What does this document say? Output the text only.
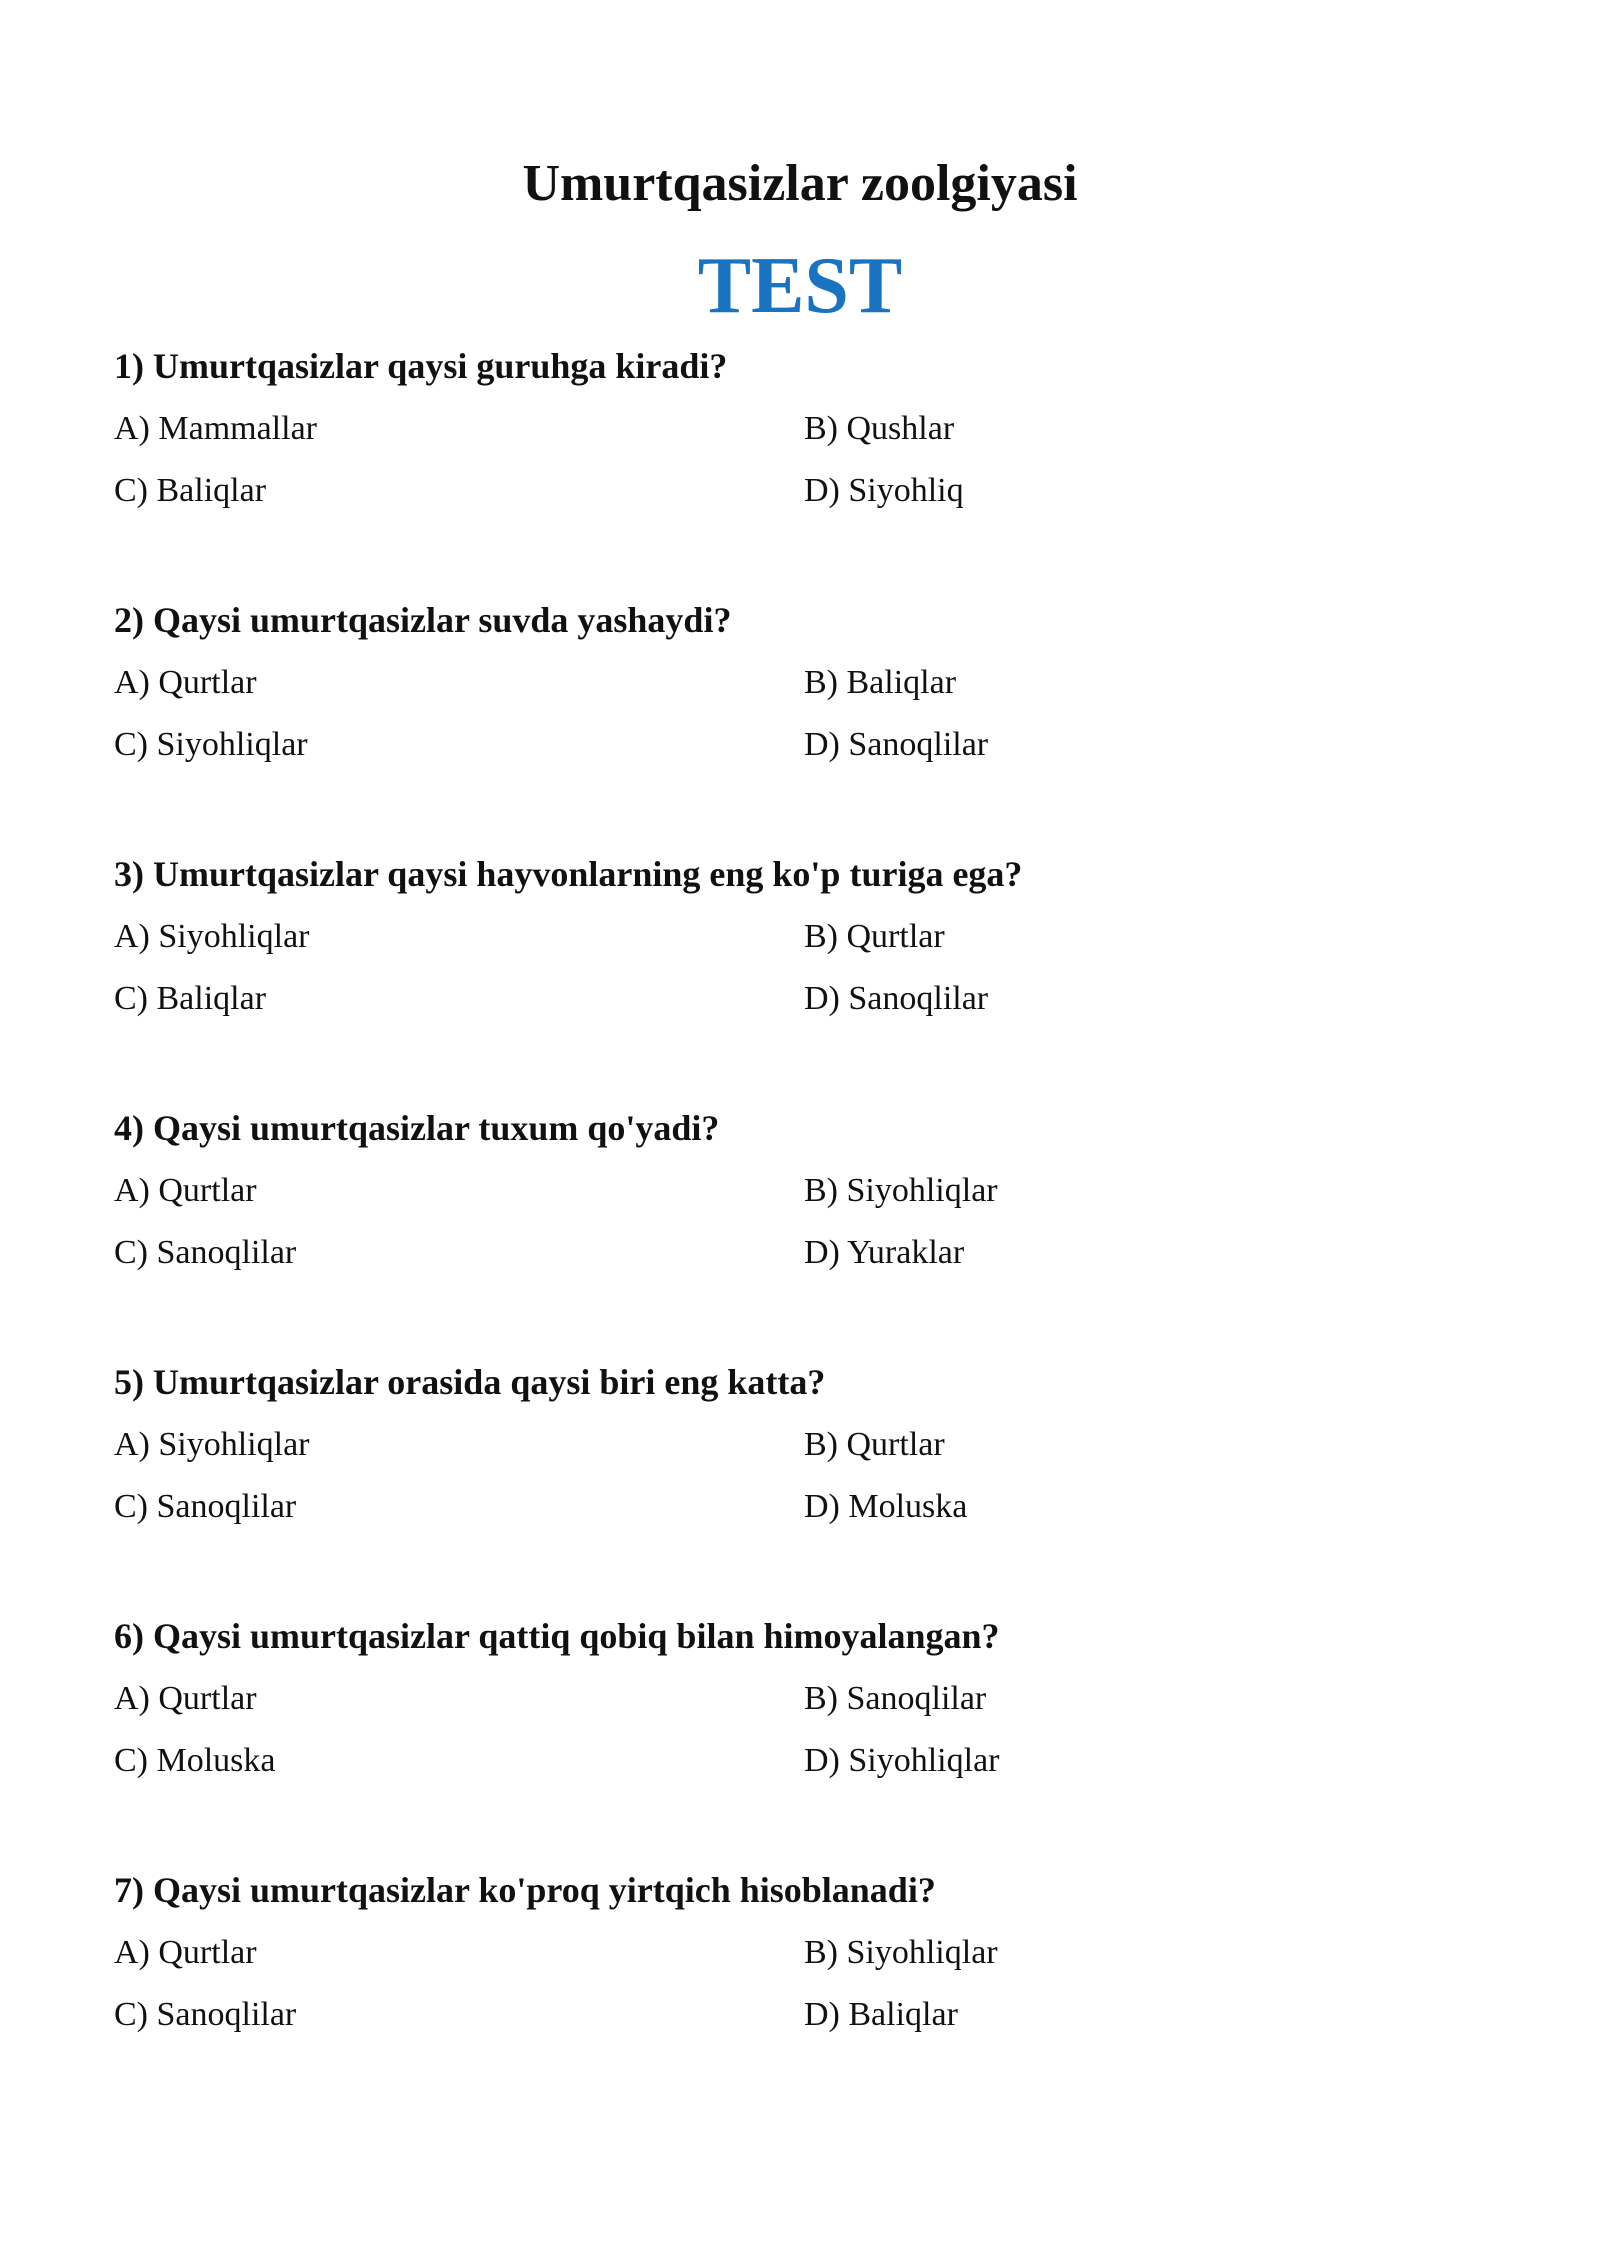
Umurtqasizlar zoolgiyasi
TEST
1) Umurtqasizlar qaysi guruhga kiradi?
A) Mammallar	B) Qushlar
C) Baliqlar	D) Siyohliq
2) Qaysi umurtqasizlar suvda yashaydi?
A) Qurtlar	B) Baliqlar
C) Siyohliqlar	D) Sanoqlilar
3) Umurtqasizlar qaysi hayvonlarning eng ko'p turiga ega?
A) Siyohliqlar	B) Qurtlar
C) Baliqlar	D) Sanoqlilar
4) Qaysi umurtqasizlar tuxum qo'yadi?
A) Qurtlar	B) Siyohliqlar
C) Sanoqlilar	D) Yuraklar
5) Umurtqasizlar orasida qaysi biri eng katta?
A) Siyohliqlar	B) Qurtlar
C) Sanoqlilar	D) Moluska
6) Qaysi umurtqasizlar qattiq qobiq bilan himoyalangan?
A) Qurtlar	B) Sanoqlilar
C) Moluska	D) Siyohliqlar
7) Qaysi umurtqasizlar ko'proq yirtqich hisoblanadi?
A) Qurtlar	B) Siyohliqlar
C) Sanoqlilar	D) Baliqlar
